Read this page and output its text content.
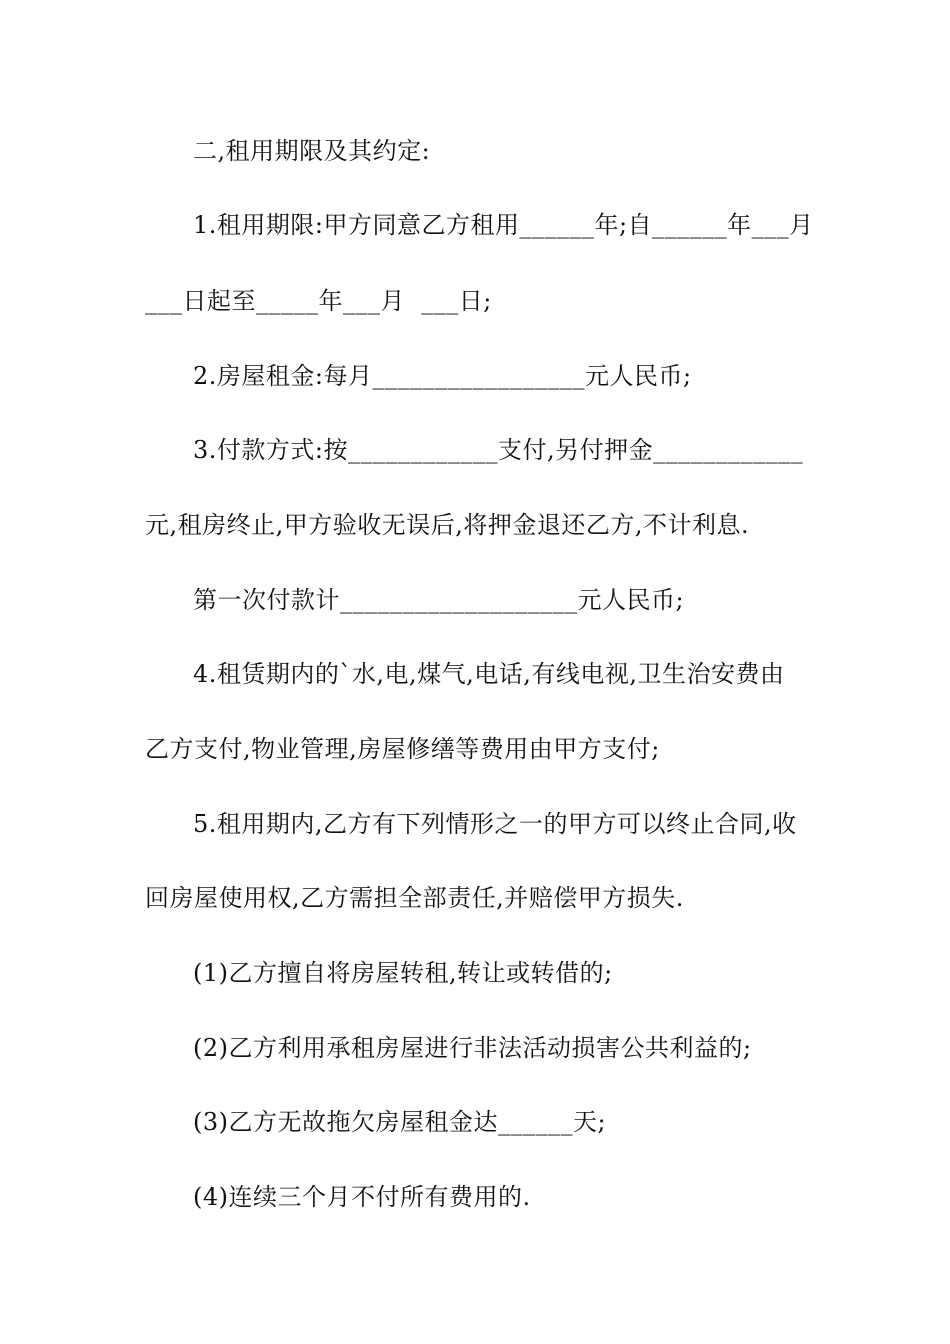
二,租用期限及其约定:
1.租用期限:甲方同意乙方租用______年;自______年___月
___日起至_____年___月  ___日;
2.房屋租金:每月_________________元人民币;
3.付款方式:按____________支付,另付押金____________
元,租房终止,甲方验收无误后,将押金退还乙方,不计利息.
第一次付款计___________________元人民币;
4.租赁期内的`水,电,煤气,电话,有线电视,卫生治安费由
乙方支付,物业管理,房屋修缮等费用由甲方支付;
5.租用期内,乙方有下列情形之一的甲方可以终止合同,收
回房屋使用权,乙方需担全部责任,并赔偿甲方损失.
(1)乙方擅自将房屋转租,转让或转借的;
(2)乙方利用承租房屋进行非法活动损害公共利益的;
(3)乙方无故拖欠房屋租金达______天;
(4)连续三个月不付所有费用的.
